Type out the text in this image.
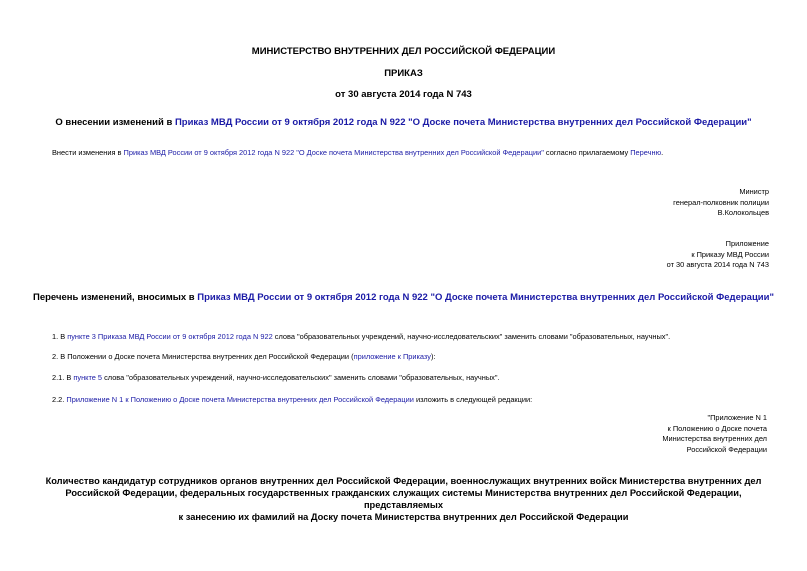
МИНИСТЕРСТВО ВНУТРЕННИХ ДЕЛ РОССИЙСКОЙ ФЕДЕРАЦИИ
ПРИКАЗ
от 30 августа 2014 года N 743
О внесении изменений в Приказ МВД России от 9 октября 2012 года N 922 "О Доске почета Министерства внутренних дел Российской Федерации"
Внести изменения в Приказ МВД России от 9 октября 2012 года N 922 "О Доске почета Министерства внутренних дел Российской Федерации" согласно прилагаемому Перечню.
Министр
генерал-полковник полиции
В.Колокольцев
Приложение
к Приказу МВД России
от 30 августа 2014 года N 743
Перечень изменений, вносимых в Приказ МВД России от 9 октября 2012 года N 922 "О Доске почета Министерства внутренних дел Российской Федерации"
1. В пункте 3 Приказа МВД России от 9 октября 2012 года N 922 слова "образовательных учреждений, научно-исследовательских" заменить словами "образовательных, научных".
2. В Положении о Доске почета Министерства внутренних дел Российской Федерации (приложение к Приказу):
2.1. В пункте 5 слова "образовательных учреждений, научно-исследовательских" заменить словами "образовательных, научных".
2.2. Приложение N 1 к Положению о Доске почета Министерства внутренних дел Российской Федерации изложить в следующей редакции:
"Приложение N 1
к Положению о Доске почета
Министерства внутренних дел
Российской Федерации
Количество кандидатур сотрудников органов внутренних дел Российской Федерации, военнослужащих внутренних войск Министерства внутренних дел
Российской Федерации, федеральных государственных гражданских служащих системы Министерства внутренних дел Российской Федерации, представляемых
к занесению их фамилий на Доску почета Министерства внутренних дел Российской Федерации
